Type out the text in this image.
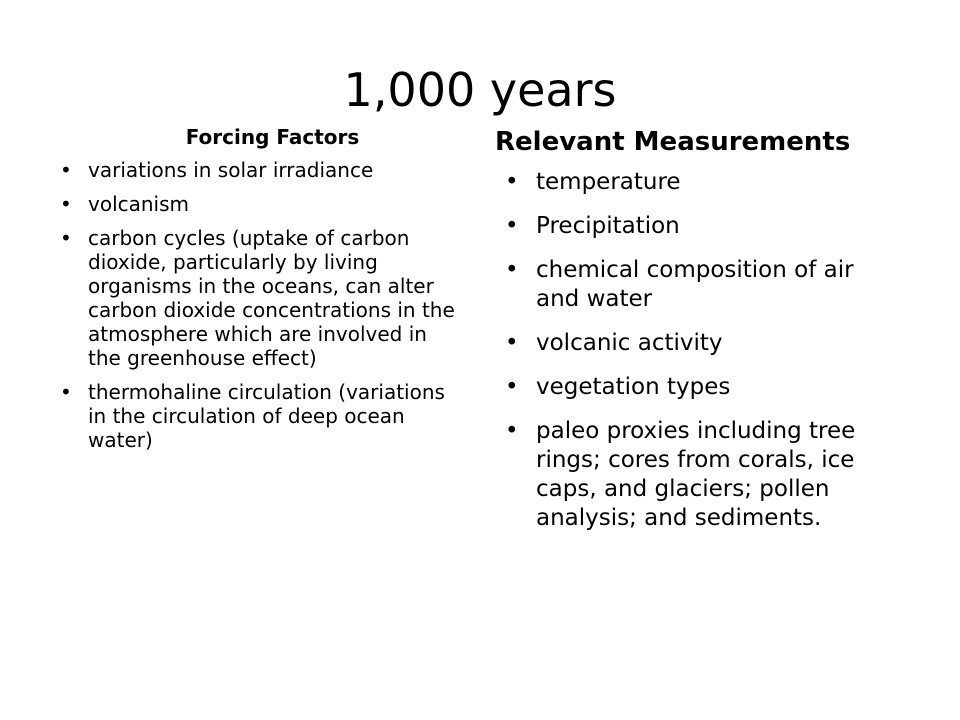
1,000 years
Forcing Factors
• variations in solar irradiance
• volcanism
• carbon cycles (uptake of carbon dioxide, particularly by living organisms in the oceans, can alter carbon dioxide concentrations in the atmosphere which are involved in the greenhouse effect)
• thermohaline circulation (variations in the circulation of deep ocean water)
Relevant Measurements
• temperature
• Precipitation
• chemical composition of air and water
• volcanic activity
• vegetation types
• paleo proxies including tree rings; cores from corals, ice caps, and glaciers; pollen analysis; and sediments.
